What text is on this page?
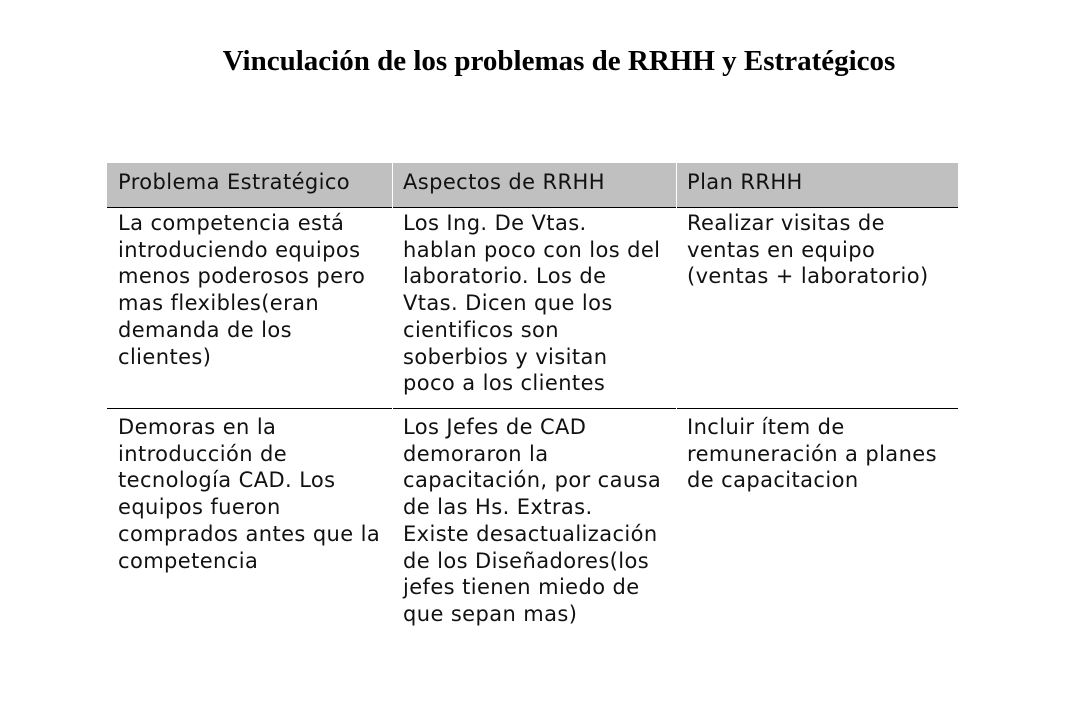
Vinculación de los problemas de RRHH y Estratégicos
Problema Estratégico	Aspectos de RRHH	Plan RRHH
La competencia está
introduciendo equipos
menos poderosos pero
mas flexibles(eran
demanda de los
clientes)
Los Ing. De Vtas.
hablan poco con los del
laboratorio. Los de
Vtas. Dicen que los
cientificos son
soberbios y visitan
poco a los clientes
Realizar visitas de
ventas en equipo
(ventas + laboratorio)
Demoras en la
introducción de
tecnología CAD. Los
equipos fueron
comprados antes que la
competencia
Los Jefes de CAD
demoraron la
capacitación, por causa
de las Hs. Extras.
Existe desactualización
de los Diseñadores(los
jefes tienen miedo de
que sepan mas)
Incluir ítem de
remuneración a planes
de capacitacion
